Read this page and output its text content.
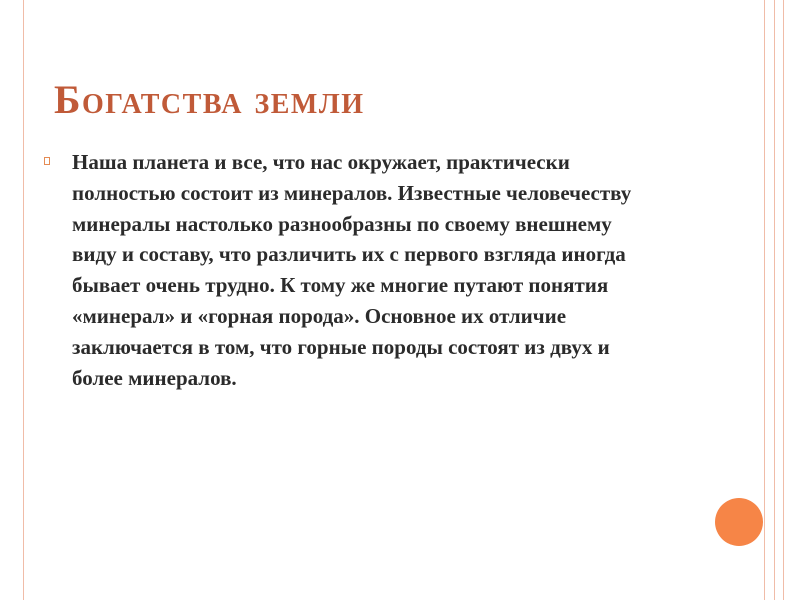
Богатства земли

Наша планета и все, что нас окружает, практически полностью состоит из минералов. Известные человечеству минералы настолько разнообразны по своему внешнему виду и составу, что различить их с первого взгляда иногда бывает очень трудно. К тому же многие путают понятия «минерал» и «горная порода». Основное их отличие заключается в том, что горные породы состоят из двух и более минералов.
